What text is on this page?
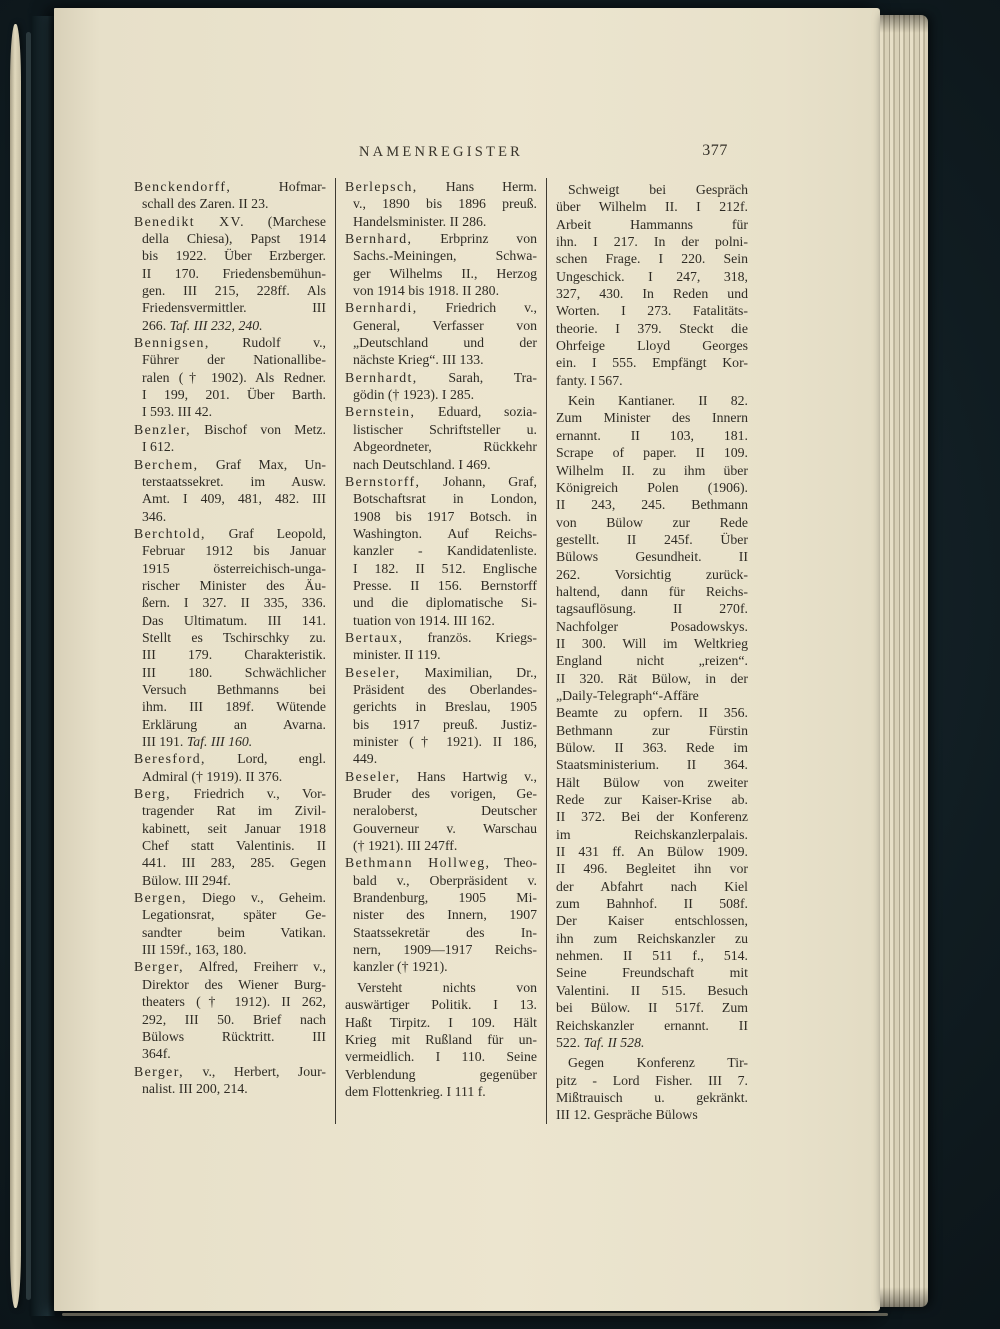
NAMENREGISTER	377
Benckendorff,	Hofmar-
schall des Zaren. II 23.
Benedikt XV. (Marchese
della Chiesa), Papst 1914
bis 1922. Über Erzberger.
II 170. Friedensbemühun-
gen. III 215, 228ff. Als
Friedensvermittler. III
266. Taf. III 232, 240.
Bennigsen, Rudolf v.,
Führer der Nationallibe-
ralen († 1902). Als Redner.
I 199, 201. Über Barth.
I 593. III 42.
Benzler, Bischof von Metz.
I 612.
Berchem, Graf Max, Un-
terstaatssekret. im Ausw.
Amt. I 409, 481, 482. III
346.
Berchtold, Graf Leopold,
Februar 1912 bis Januar
1915 österreichisch-unga-
rischer Minister des Äu-
ßern. I 327. II 335, 336.
Das Ultimatum. III 141.
Stellt es Tschirschky zu.
III 179. Charakteristik.
III 180. Schwächlicher
Versuch Bethmanns bei
ihm. III 189f. Wütende
Erklärung an Avarna.
III 191. Taf. III 160.
Beresford, Lord, engl.
Admiral († 1919). II 376.
Berg, Friedrich v., Vor-
tragender Rat im Zivil-
kabinett, seit Januar 1918
Chef statt Valentinis. II
441. III 283, 285. Gegen
Bülow. III 294f.
Bergen, Diego v., Geheim.
Legationsrat, später Ge-
sandter beim Vatikan.
III 159f., 163, 180.
Berger, Alfred, Freiherr v.,
Direktor des Wiener Burg-
theaters († 1912). II 262,
292, III 50. Brief nach
Bülows Rücktritt. III
364f.
Berger, v., Herbert, Jour-
nalist. III 200, 214.
Berlepsch, Hans Herm.
v., 1890 bis 1896 preuß.
Handelsminister. II 286.
Bernhard, Erbprinz von
Sachs.-Meiningen, Schwa-
ger Wilhelms II., Herzog
von 1914 bis 1918. II 280.
Bernhardi, Friedrich v.,
General, Verfasser von
„Deutschland und der
nächste Krieg“. III 133.
Bernhardt, Sarah, Tra-
gödin († 1923). I 285.
Bernstein, Eduard, sozia-
listischer Schriftsteller u.
Abgeordneter, Rückkehr
nach Deutschland. I 469.
Bernstorff, Johann, Graf,
Botschaftsrat in London,
1908 bis 1917 Botsch. in
Washington. Auf Reichs-
kanzler - Kandidatenliste.
I 182. II 512. Englische
Presse. II 156. Bernstorff
und die diplomatische Si-
tuation von 1914. III 162.
Bertaux, französ. Kriegs-
minister. II 119.
Beseler, Maximilian, Dr.,
Präsident des Oberlandes-
gerichts in Breslau, 1905
bis 1917 preuß. Justiz-
minister († 1921). II 186,
449.
Beseler, Hans Hartwig v.,
Bruder des vorigen, Ge-
neraloberst, Deutscher
Gouverneur v. Warschau
(† 1921). III 247ff.
Bethmann Hollweg, Theo-
bald v., Oberpräsident v.
Brandenburg, 1905 Mi-
nister des Innern, 1907
Staatssekretär des In-
nern, 1909—1917 Reichs-
kanzler († 1921).
Versteht nichts von
auswärtiger Politik. I 13.
Haßt Tirpitz. I 109. Hält
Krieg mit Rußland für un-
vermeidlich. I 110. Seine
Verblendung gegenüber
dem Flottenkrieg. I 111 f.
Schweigt bei Gespräch
über Wilhelm II. I 212f.
Arbeit Hammanns für
ihn. I 217. In der polni-
schen Frage. I 220. Sein
Ungeschick. I 247, 318,
327, 430. In Reden und
Worten. I 273. Fatalitäts-
theorie. I 379. Steckt die
Ohrfeige Lloyd Georges
ein. I 555. Empfängt Kor-
fanty. I 567.
Kein Kantianer. II 82.
Zum Minister des Innern
ernannt. II 103, 181.
Scrape of paper. II 109.
Wilhelm II. zu ihm über
Königreich Polen (1906).
II 243, 245. Bethmann
von Bülow zur Rede
gestellt. II 245f. Über
Bülows Gesundheit. II
262. Vorsichtig zurück-
haltend, dann für Reichs-
tagsauflösung. II 270f.
Nachfolger Posadowskys.
II 300. Will im Weltkrieg
England nicht „reizen“.
II 320. Rät Bülow, in der
„Daily-Telegraph“-Affäre
Beamte zu opfern. II 356.
Bethmann zur Fürstin
Bülow. II 363. Rede im
Staatsministerium. II 364.
Hält Bülow von zweiter
Rede zur Kaiser-Krise ab.
II 372. Bei der Konferenz
im Reichskanzlerpalais.
II 431 ff. An Bülow 1909.
II 496. Begleitet ihn vor
der Abfahrt nach Kiel
zum Bahnhof. II 508f.
Der Kaiser entschlossen,
ihn zum Reichskanzler zu
nehmen. II 511 f., 514.
Seine Freundschaft mit
Valentini. II 515. Besuch
bei Bülow. II 517f. Zum
Reichskanzler ernannt. II
522. Taf. II 528.
Gegen Konferenz Tir-
pitz - Lord Fisher. III 7.
Mißtrauisch u. gekränkt.
III 12. Gespräche Bülows
